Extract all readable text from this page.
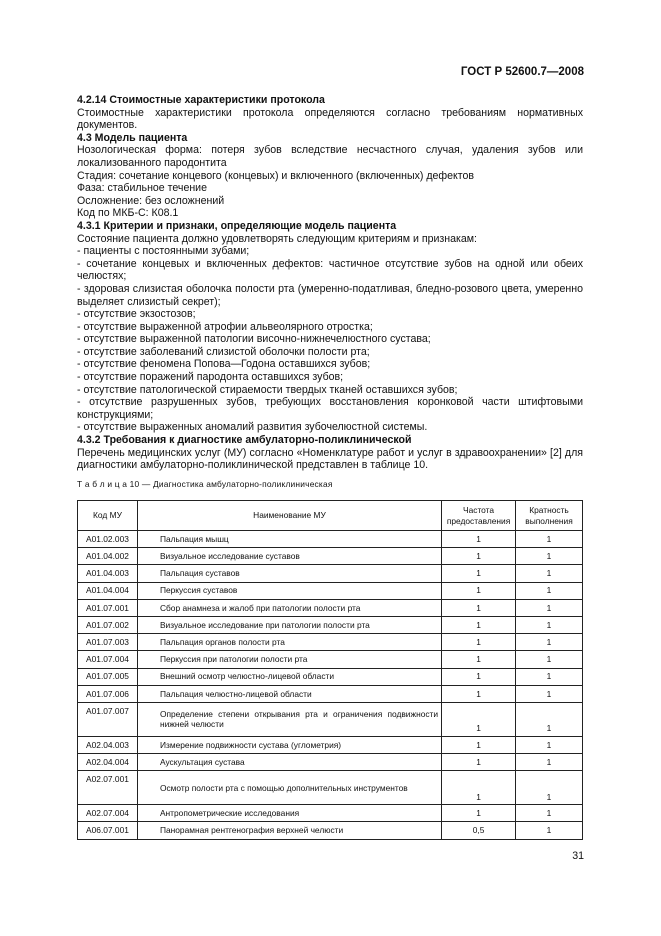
ГОСТ Р 52600.7—2008

4.2.14 Стоимостные характеристики протокола

Стоимостные характеристики протокола определяются согласно требованиям нормативных документов.

4.3 Модель пациента

Нозологическая форма: потеря зубов вследствие несчастного случая, удаления зубов или локализованного пародонтита

Стадия: сочетание концевого (концевых) и включенного (включенных) дефектов

Фаза: стабильное течение

Осложнение: без осложнений

Код по МКБ-С: К08.1

4.3.1 Критерии и признаки, определяющие модель пациента

Состояние пациента должно удовлетворять следующим критериям и признакам:

- пациенты с постоянными зубами;

- сочетание концевых и включенных дефектов: частичное отсутствие зубов на одной или обеих челюстях;

- здоровая слизистая оболочка полости рта (умеренно-податливая, бледно-розового цвета, умеренно выделяет слизистый секрет);

- отсутствие экзостозов;

- отсутствие выраженной атрофии альвеолярного отростка;

- отсутствие выраженной патологии височно-нижнечелюстного сустава;

- отсутствие заболеваний слизистой оболочки полости рта;

- отсутствие феномена Попова—Годона оставшихся зубов;

- отсутствие поражений пародонта оставшихся зубов;

- отсутствие патологической стираемости твердых тканей оставшихся зубов;

- отсутствие разрушенных зубов, требующих восстановления коронковой части штифтовыми конструкциями;

- отсутствие выраженных аномалий развития зубочелюстной системы.

4.3.2 Требования к диагностике амбулаторно-поликлинической

Перечень медицинских услуг (МУ) согласно «Номенклатуре работ и услуг в здравоохранении» [2] для диагностики амбулаторно-поликлинической представлен в таблице 10.

Т а б л и ц а 10 — Диагностика амбулаторно-поликлиническая
Код МУ	Наименование МУ	Частота предоставления	Кратность выполнения
А01.02.003	Пальпация мышц	1	1
А01.04.002	Визуальное исследование суставов	1	1
А01.04.003	Пальпация суставов	1	1
А01.04.004	Перкуссия суставов	1	1
А01.07.001	Сбор анамнеза и жалоб при патологии полости рта	1	1
А01.07.002	Визуальное исследование при патологии полости рта	1	1
А01.07.003	Пальпация органов полости рта	1	1
А01.07.004	Перкуссия при патологии полости рта	1	1
А01.07.005	Внешний осмотр челюстно-лицевой области	1	1
А01.07.006	Пальпация челюстно-лицевой области	1	1
А01.07.007	Определение степени открывания рта и ограничения подвижности нижней челюсти	1	1
А02.04.003	Измерение подвижности сустава (углометрия)	1	1
А02.04.004	Аускультация сустава	1	1
А02.07.001	Осмотр полости рта с помощью дополнительных инструментов	1	1
А02.07.004	Антропометрические исследования	1	1
А06.07.001	Панорамная рентгенография верхней челюсти	0,5	1
31
